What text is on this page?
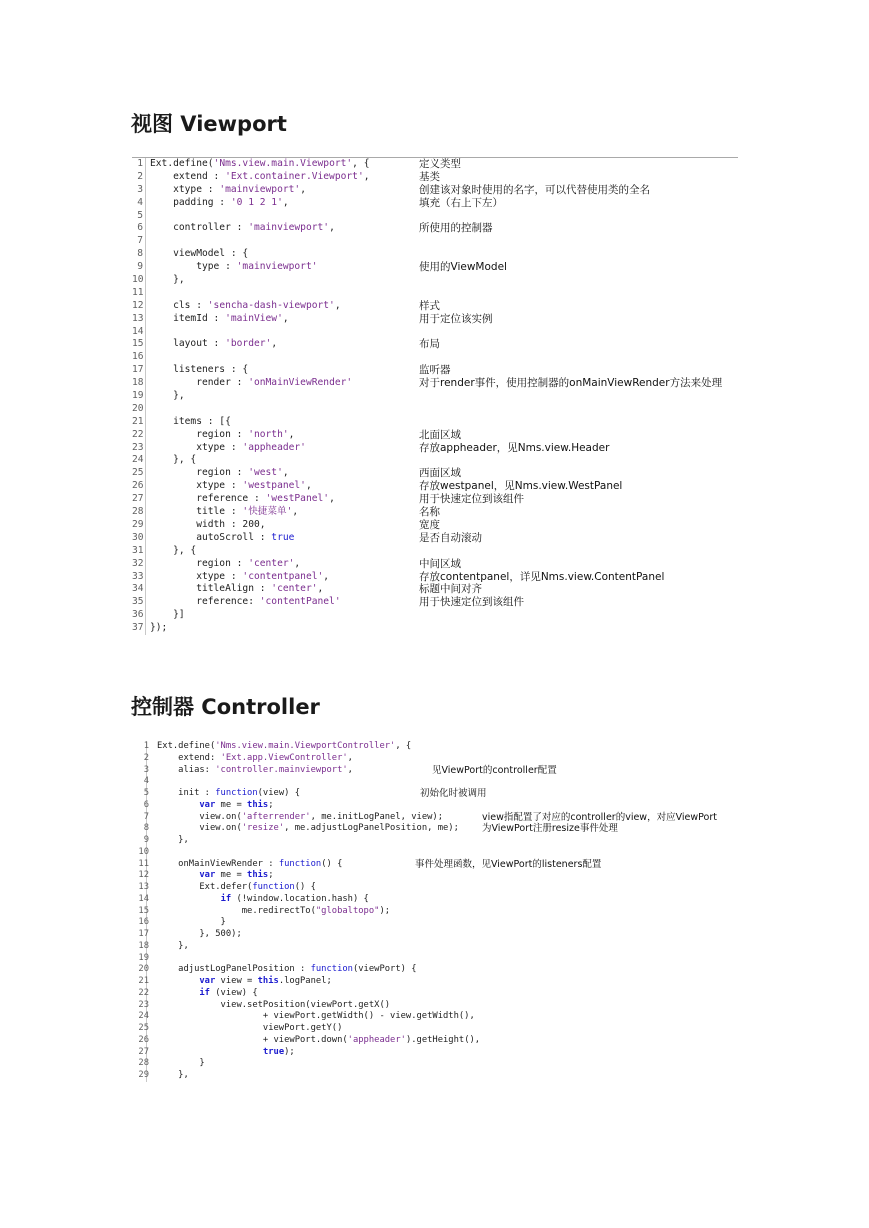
视图 Viewport
1 Ext.define('Nms.view.main.Viewport', {	定义类型
2 extend : 'Ext.container.Viewport',	基类
3 xtype : 'mainviewport',	创建该对象时使用的名字，可以代替使用类的全名
4 padding : '0 1 2 1',	填充（右上下左）
5
6 controller : 'mainviewport',	所使用的控制器
7
8 viewModel : {
9 type : 'mainviewport'	使用的ViewModel
10 },
11
12 cls : 'sencha-dash-viewport',	样式
13 itemId : 'mainView',	用于定位该实例
14
15 layout : 'border',	布局
16
17 listeners : {	监听器
18 render : 'onMainViewRender'	对于render事件，使用控制器的onMainViewRender方法来处理
19 },
20
21 items : [{
22 region : 'north',	北面区域
23 xtype : 'appheader'	存放appheader，见Nms.view.Header
24 }, {
25 region : 'west',	西面区域
26 xtype : 'westpanel',	存放westpanel，见Nms.view.WestPanel
27 reference : 'westPanel',	用于快速定位到该组件
28 title : '快捷菜单',	名称
29 width : 200,	宽度
30 autoScroll : true	是否自动滚动
31 }, {
32 region : 'center',	中间区域
33 xtype : 'contentpanel',	存放contentpanel，详见Nms.view.ContentPanel
34 titleAlign : 'center',	标题中间对齐
35 reference: 'contentPanel'	用于快速定位到该组件
36 }]
37 });
控制器 Controller
1 Ext.define('Nms.view.main.ViewportController', {
2 extend: 'Ext.app.ViewController',
3 alias: 'controller.mainviewport',	见ViewPort的controller配置
4
5 init : function(view) {	初始化时被调用
6	var me = this;
7 view.on('afterrender', me.initLogPanel, view);	view指配置了对应的controller的view，对应ViewPort
8 view.on('resize', me.adjustLogPanelPosition, me); 为ViewPort注册resize事件处理
9 },
10
11 onMainViewRender : function() {	事件处理函数，见ViewPort的listeners配置
12	var me = this;
13 Ext.defer(function() {
14	if (!window.location.hash) {
15 me.redirectTo("globaltopo");
16 }
17 }, 500);
18 },
19
20 adjustLogPanelPosition : function(viewPort) {
21	var view = this.logPanel;
22	if (view) {
23 view.setPosition(viewPort.getX()
24 + viewPort.getWidth() - view.getWidth(),
25 viewPort.getY()
26 + viewPort.down('appheader').getHeight(),
27	true);
28 }
29 },
